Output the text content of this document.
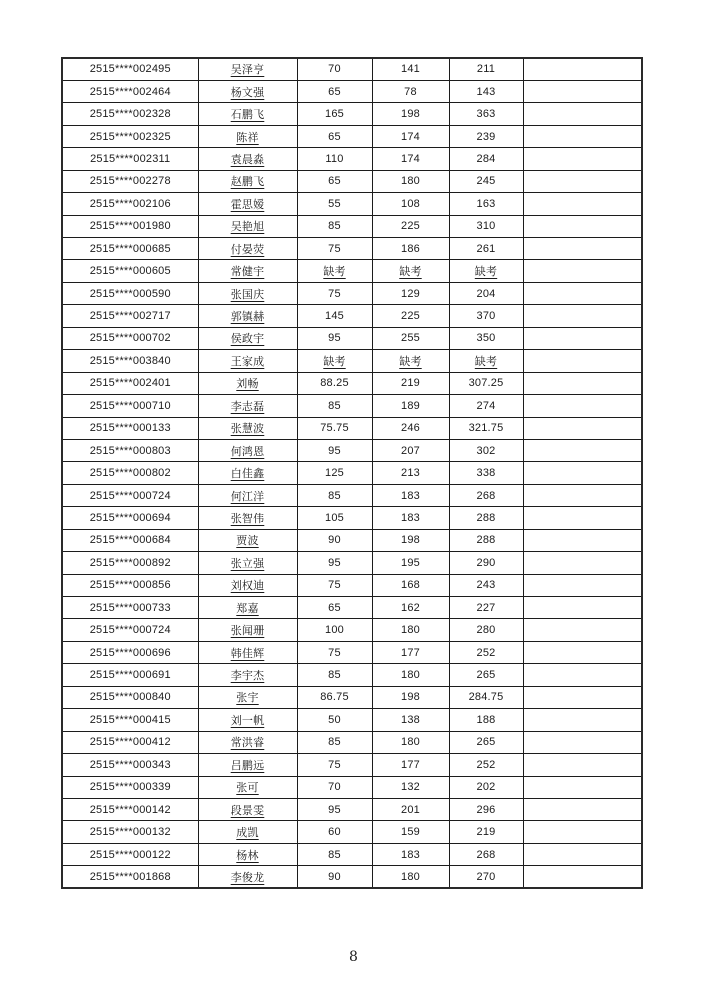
2515****002495	吴泽亨	70	141	211	
2515****002464	杨文强	65	78	143	
2515****002328	石鹏飞	165	198	363	
2515****002325	陈祥	65	174	239	
2515****002311	袁晨淼	110	174	284	
2515****002278	赵鹏飞	65	180	245	
2515****002106	霍思嫒	55	108	163	
2515****001980	吴艳旭	85	225	310	
2515****000685	付晏荧	75	186	261	
2515****000605	常健宇	缺考	缺考	缺考	
2515****000590	张国庆	75	129	204	
2515****002717	郭镇赫	145	225	370	
2515****000702	侯政宇	95	255	350	
2515****003840	王家成	缺考	缺考	缺考	
2515****002401	刘畅	88.25	219	307.25	
2515****000710	李志磊	85	189	274	
2515****000133	张慧波	75.75	246	321.75	
2515****000803	何鸿恩	95	207	302	
2515****000802	白佳鑫	125	213	338	
2515****000724	何江洋	85	183	268	
2515****000694	张智伟	105	183	288	
2515****000684	贾波	90	198	288	
2515****000892	张立强	95	195	290	
2515****000856	刘权迪	75	168	243	
2515****000733	郑嘉	65	162	227	
2515****000724	张闻珊	100	180	280	
2515****000696	韩佳辉	75	177	252	
2515****000691	李宇杰	85	180	265	
2515****000840	张宇	86.75	198	284.75	
2515****000415	刘一帆	50	138	188	
2515****000412	常洪睿	85	180	265	
2515****000343	吕鹏远	75	177	252	
2515****000339	张可	70	132	202	
2515****000142	段景雯	95	201	296	
2515****000132	成凯	60	159	219	
2515****000122	杨林	85	183	268	
2515****001868	李俊龙	90	180	270	
8
